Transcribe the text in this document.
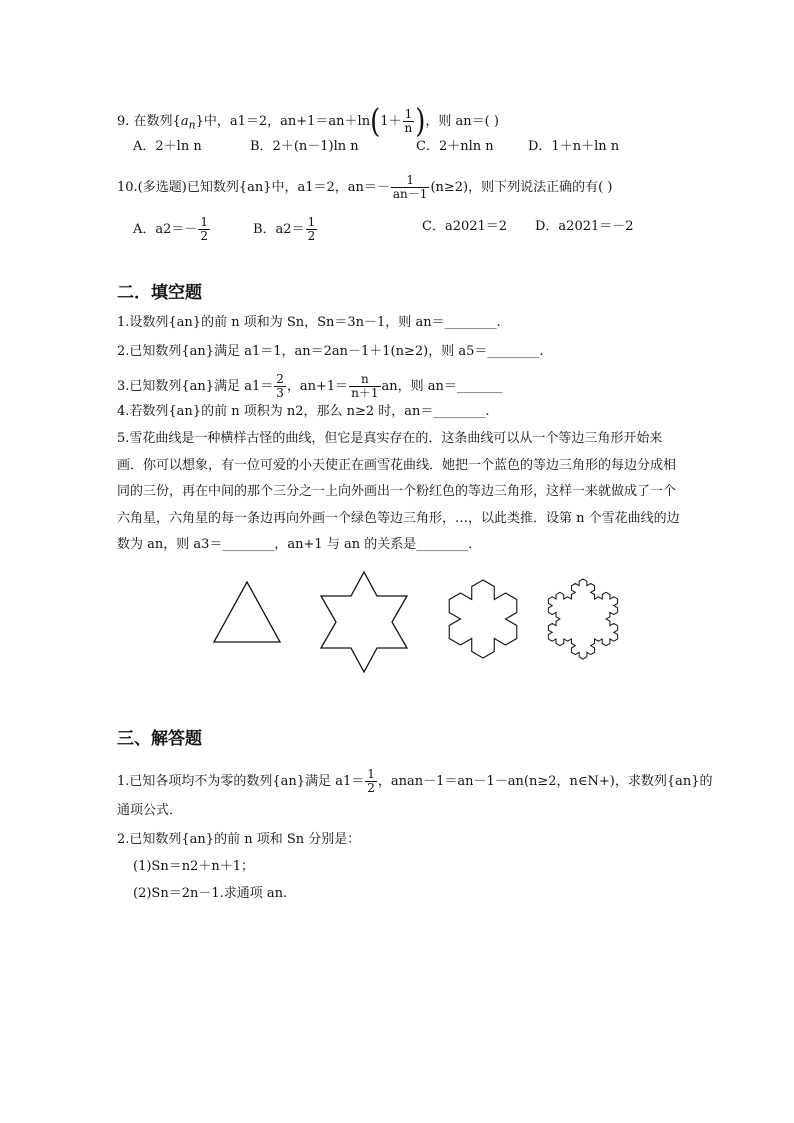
9. 在数列$\{a_n\}$中，a1＝2，$an+1=an+\ln(1+ \frac{1}{n}$ )，则 an＝( )
A．2＋ln n	B．2＋(n－1)ln n	C．2＋nln n	D．1＋n＋ln n
10.(多选题)已知数列{an}中，a1＝2，$an=- \frac{1}{an-1} (n\ge 2)$，则下列说法正确的有( )
A．$a2=- \frac{1}{2}$	B．$a2= \frac{1}{2}$	C．a2021＝2 D．a2021＝－2
二．填空题
1.设数列{an}的前 n 项和为 Sn，Sn＝3n－1，则 an＝________.
2.已知数列{an}满足 a1＝1，an＝2an－1＋1(n≥2)，则 a5＝________.
3.已知数列{an}满足 $a1= \frac{2}{3}$ ，$an+1= \frac{n}{n+1}$ an，则 an＝_______
4.若数列{an}的前 n 项积为 n2，那么 n≥2 时，an＝________.
5.雪花曲线是一种横样古怪的曲线，但它是真实存在的．这条曲线可以从一个等边三角形开始来画．你可以想象，有一位可爱的小天使正在画雪花曲线．她把一个蓝色的等边三角形的每边分成相同的三份，再在中间的那个三分之一上向外画出一个粉红色的等边三角形，这样一来就做成了一个六角星，六角星的每一条边再向外画一个绿色等边三角形，…，以此类推．设第 n 个雪花曲线的边数为 an，则 a3＝________，an+1 与 an 的关系是________．
三、解答题
1.已知各项均不为零的数列{an}满足 $a1= \frac{1}{2}$ ，anan－1＝an－1－an(n≥2，n∈N+)，求数列{an}的
通项公式．
2.已知数列{an}的前 n 项和 Sn 分别是：
(1)Sn＝n2＋n＋1；
(2)Sn＝2n－1.求通项 an.
